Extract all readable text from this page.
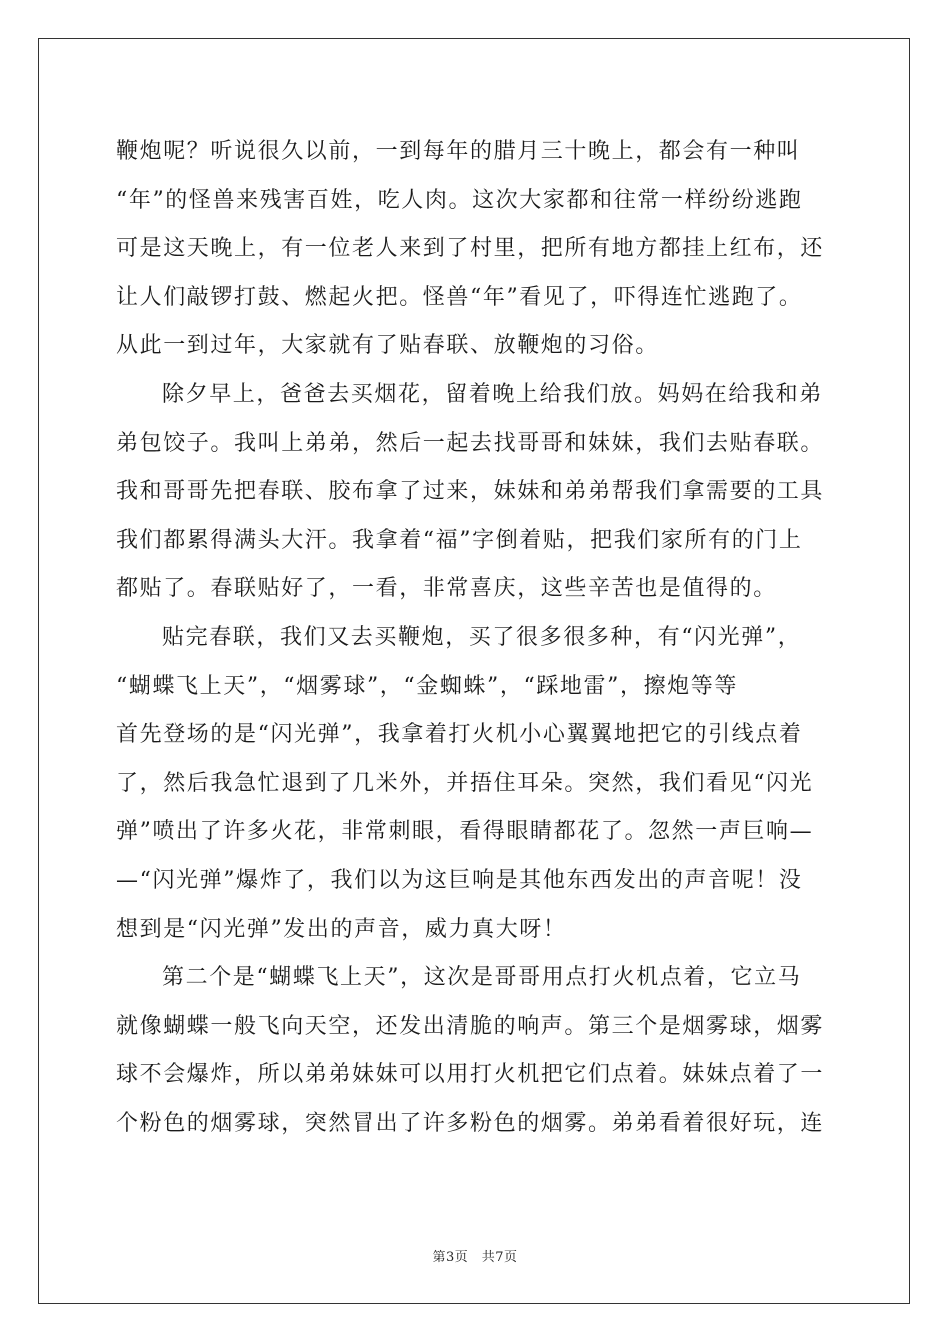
鞭炮呢？听说很久以前，一到每年的腊月三十晚上，都会有一种叫
“年”的怪兽来残害百姓，吃人肉。这次大家都和往常一样纷纷逃跑
可是这天晚上，有一位老人来到了村里，把所有地方都挂上红布，还
让人们敲锣打鼓、燃起火把。怪兽“年”看见了，吓得连忙逃跑了。
从此一到过年，大家就有了贴春联、放鞭炮的习俗。
除夕早上，爸爸去买烟花，留着晚上给我们放。妈妈在给我和弟
弟包饺子。我叫上弟弟，然后一起去找哥哥和妹妹，我们去贴春联。
我和哥哥先把春联、胶布拿了过来，妹妹和弟弟帮我们拿需要的工具
我们都累得满头大汗。我拿着“福”字倒着贴，把我们家所有的门上
都贴了。春联贴好了，一看，非常喜庆，这些辛苦也是值得的。
贴完春联，我们又去买鞭炮，买了很多很多种，有“闪光弹”，
“蝴蝶飞上天”，“烟雾球”，“金蜘蛛”，“踩地雷”，擦炮等等
首先登场的是“闪光弹”，我拿着打火机小心翼翼地把它的引线点着
了，然后我急忙退到了几米外，并捂住耳朵。突然，我们看见“闪光
弹”喷出了许多火花，非常刺眼，看得眼睛都花了。忽然一声巨响—
—“闪光弹”爆炸了，我们以为这巨响是其他东西发出的声音呢！没
想到是“闪光弹”发出的声音，威力真大呀！
第二个是“蝴蝶飞上天”，这次是哥哥用点打火机点着，它立马
就像蝴蝶一般飞向天空，还发出清脆的响声。第三个是烟雾球，烟雾
球不会爆炸，所以弟弟妹妹可以用打火机把它们点着。妹妹点着了一
个粉色的烟雾球，突然冒出了许多粉色的烟雾。弟弟看着很好玩，连
第3页　共7页
